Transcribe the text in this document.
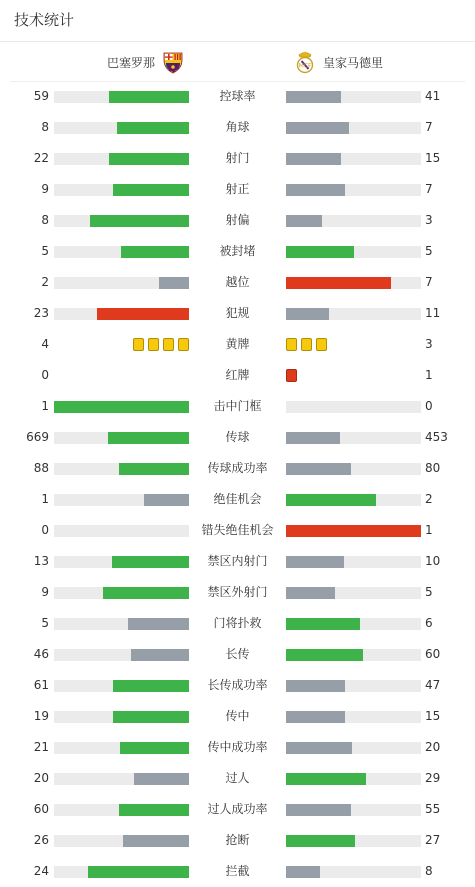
技术统计
巴塞罗那	MCF 皇家马德里
59	控球率	41
8	角球	7
22	射门	15
9	射正	7
8	射偏	3
5	被封堵	5
2	越位	7
23	犯规	11
4	黄牌	3
0	红牌	1
1	击中门框	0
669	传球	453
88	传球成功率	80
1	绝佳机会	2
0	错失绝佳机会	1
13	禁区内射门	10
9	禁区外射门	5
5	门将扑救	6
46	长传	60
61	长传成功率	47
19	传中	15
21	传中成功率	20
20	过人	29
60	过人成功率	55
26	抢断	27
24	拦截	8
